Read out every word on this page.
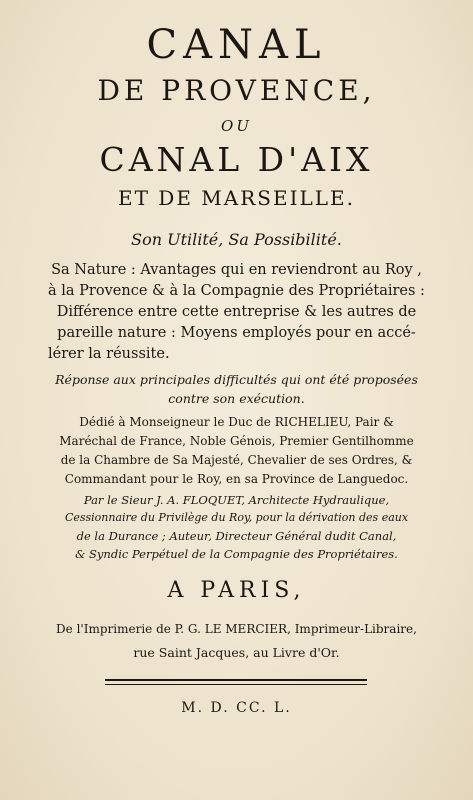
CANAL
DE PROVENCE,
OU
CANAL D'AIX
ET DE MARSEILLE.
Son Utilité, Sa Possibilité.
Sa Nature : Avantages qui en reviendront au Roy ,
à la Provence & à la Compagnie des Propriétaires :
Différence entre cette entreprise & les autres de
pareille nature : Moyens employés pour en accé-
lérer la réussite.
Réponse aux principales difficultés qui ont été proposées
contre son exécution.
Dédié à Monseigneur le Duc de RICHELIEU, Pair &
Maréchal de France, Noble Génois, Premier Gentilhomme
de la Chambre de Sa Majesté, Chevalier de ses Ordres, &
Commandant pour le Roy, en sa Province de Languedoc.
Par le Sieur J. A. FLOQUET, Architecte Hydraulique,
Cessionnaire du Privilège du Roy, pour la dérivation des eaux
de la Durance ; Auteur, Directeur Général dudit Canal,
& Syndic Perpétuel de la Compagnie des Propriétaires.
A PARIS,
De l'Imprimerie de P. G. LE MERCIER, Imprimeur-Libraire,
rue Saint Jacques, au Livre d'Or.
M. D. CC. L.
